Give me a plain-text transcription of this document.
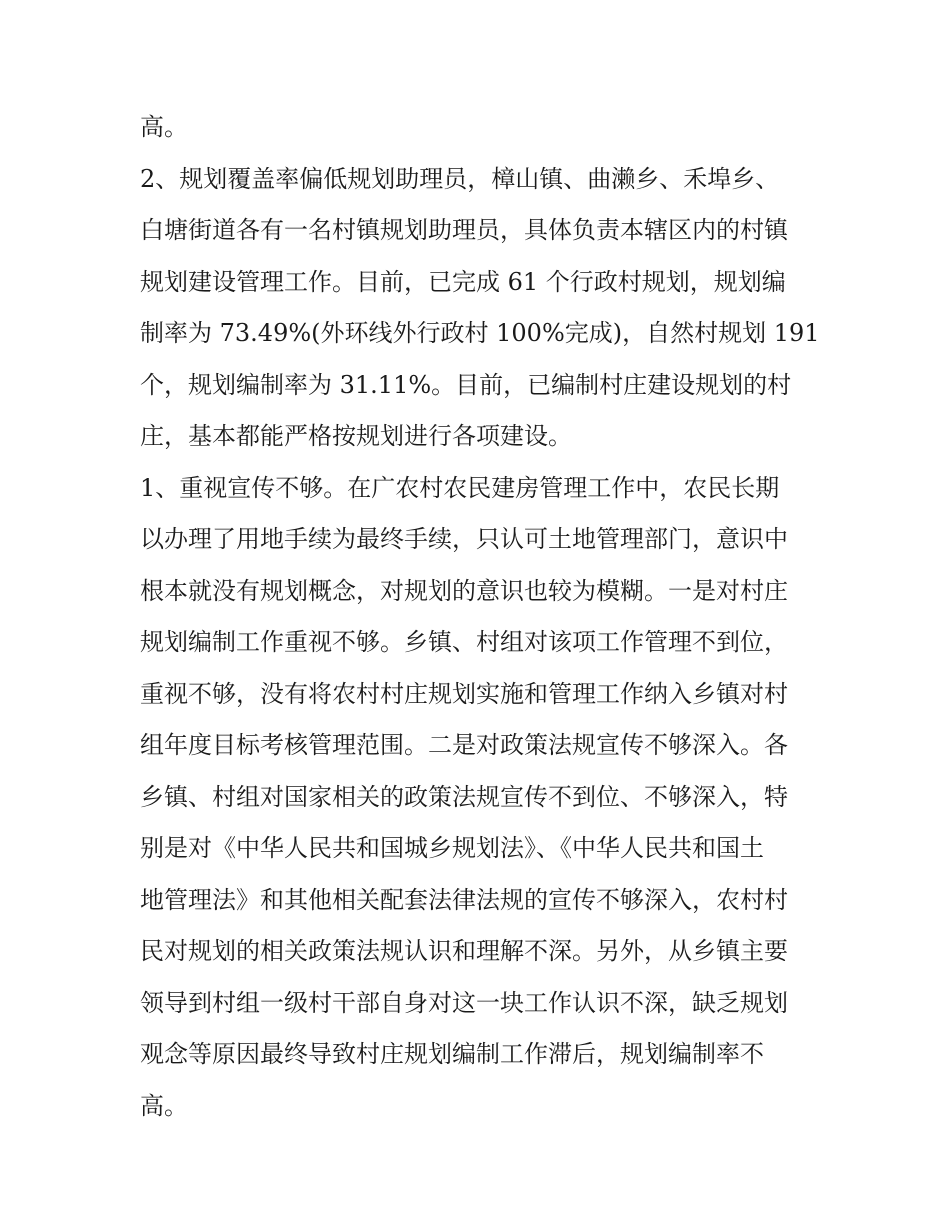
高。
2、规划覆盖率偏低规划助理员，樟山镇、曲濑乡、禾埠乡、
白塘街道各有一名村镇规划助理员，具体负责本辖区内的村镇
规划建设管理工作。目前，已完成 61 个行政村规划，规划编
制率为 73.49%(外环线外行政村 100%完成)，自然村规划 191
个，规划编制率为 31.11%。目前，已编制村庄建设规划的村
庄，基本都能严格按规划进行各项建设。
1、重视宣传不够。在广农村农民建房管理工作中，农民长期
以办理了用地手续为最终手续，只认可土地管理部门，意识中
根本就没有规划概念，对规划的意识也较为模糊。一是对村庄
规划编制工作重视不够。乡镇、村组对该项工作管理不到位，
重视不够，没有将农村村庄规划实施和管理工作纳入乡镇对村
组年度目标考核管理范围。二是对政策法规宣传不够深入。各
乡镇、村组对国家相关的政策法规宣传不到位、不够深入，特
别是对《中华人民共和国城乡规划法》、《中华人民共和国土
地管理法》和其他相关配套法律法规的宣传不够深入，农村村
民对规划的相关政策法规认识和理解不深。另外，从乡镇主要
领导到村组一级村干部自身对这一块工作认识不深，缺乏规划
观念等原因最终导致村庄规划编制工作滞后，规划编制率不
高。
